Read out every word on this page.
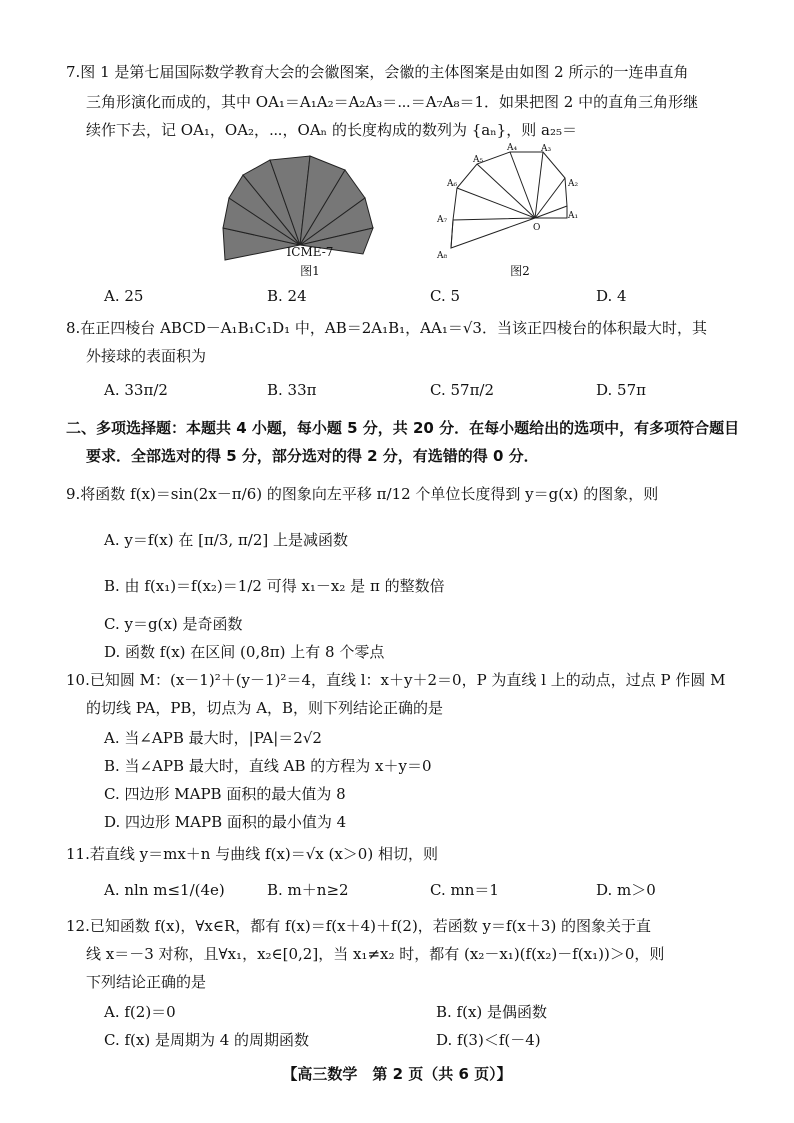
7.图 1 是第七届国际数学教育大会的会徽图案，会徽的主体图案是由如图 2 所示的一连串直角
三角形演化而成的，其中 OA₁＝A₁A₂＝A₂A₃＝⋯＝A₇A₈＝1．如果把图 2 中的直角三角形继
续作下去，记 OA₁，OA₂，⋯，OAₙ 的长度构成的数列为 {aₙ}，则 a₂₅＝
ICME-7
图1
O
A₁
A₂
A₃
A₄
A₅
A₆
A₇
A₈
图2
A. 25	B. 24	C. 5	D. 4
8.在正四棱台 ABCD－A₁B₁C₁D₁ 中，AB＝2A₁B₁，AA₁＝√3．当该正四棱台的体积最大时，其
外接球的表面积为
A. 33π/2	B. 33π	C. 57π/2	D. 57π
二、多项选择题：本题共 4 小题，每小题 5 分，共 20 分．在每小题给出的选项中，有多项符合题目
要求．全部选对的得 5 分，部分选对的得 2 分，有选错的得 0 分．
9.将函数 f(x)＝sin(2x－π/6) 的图象向左平移 π/12 个单位长度得到 y＝g(x) 的图象，则
A. y＝f(x) 在 [π/3, π/2] 上是减函数
B. 由 f(x₁)＝f(x₂)＝1/2 可得 x₁－x₂ 是 π 的整数倍
C. y＝g(x) 是奇函数
D. 函数 f(x) 在区间 (0,8π) 上有 8 个零点
10.已知圆 M：(x－1)²＋(y－1)²＝4，直线 l：x＋y＋2＝0，P 为直线 l 上的动点，过点 P 作圆 M
的切线 PA，PB，切点为 A，B，则下列结论正确的是
A. 当∠APB 最大时，|PA|＝2√2
B. 当∠APB 最大时，直线 AB 的方程为 x＋y＝0
C. 四边形 MAPB 面积的最大值为 8
D. 四边形 MAPB 面积的最小值为 4
11.若直线 y＝mx＋n 与曲线 f(x)＝√x (x＞0) 相切，则
A. nln m≤1/(4e)	B. m＋n≥2	C. mn＝1	D. m＞0
12.已知函数 f(x)，∀x∈R，都有 f(x)＝f(x＋4)＋f(2)，若函数 y＝f(x＋3) 的图象关于直
线 x＝－3 对称，且∀x₁，x₂∈[0,2]，当 x₁≠x₂ 时，都有 (x₂－x₁)(f(x₂)－f(x₁))＞0，则
下列结论正确的是
A. f(2)＝0	B. f(x) 是偶函数
C. f(x) 是周期为 4 的周期函数	D. f(3)＜f(－4)
【高三数学　第 2 页（共 6 页）】
